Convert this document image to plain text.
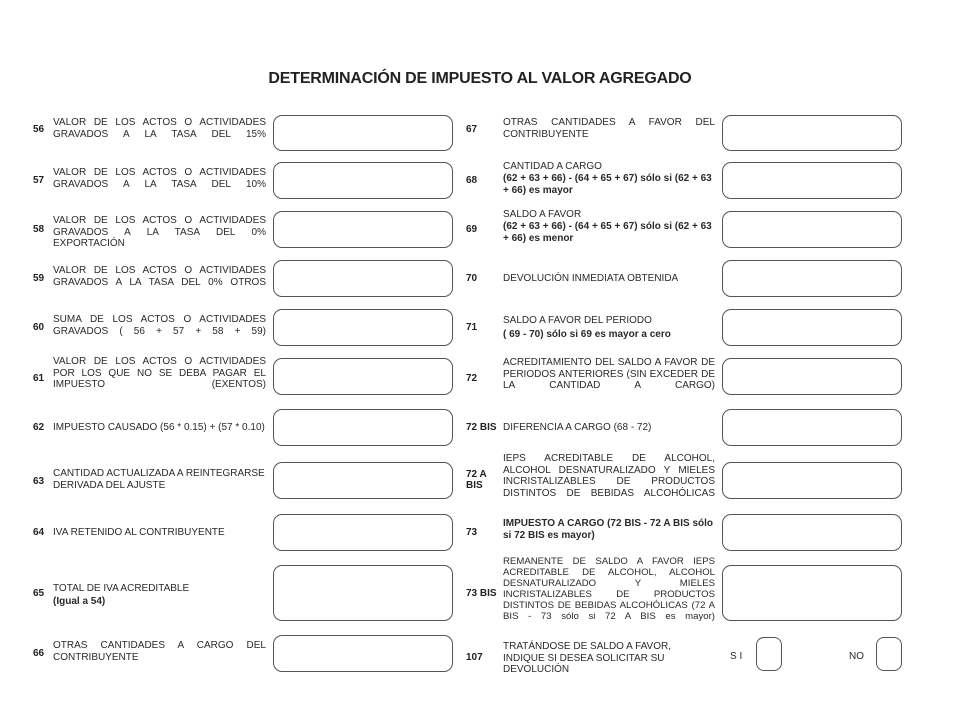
DETERMINACIÓN DE IMPUESTO AL VALOR AGREGADO
56
VALOR DE LOS ACTOS O ACTIVIDADES GRAVADOS A LA TASA DEL 15%
57
VALOR DE LOS ACTOS O ACTIVIDADES GRAVADOS A LA TASA DEL 10%
58
VALOR DE LOS ACTOS O ACTIVIDADES GRAVADOS A LA TASA DEL 0% EXPORTACIÓN
59
VALOR DE LOS ACTOS O ACTIVIDADES GRAVADOS A LA TASA DEL 0% OTROS
60
SUMA DE LOS ACTOS O ACTIVIDADES GRAVADOS ( 56 + 57 + 58 + 59)
61
VALOR DE LOS ACTOS O ACTIVIDADES POR LOS QUE NO SE DEBA PAGAR EL IMPUESTO (EXENTOS)
62 IMPUESTO CAUSADO (56 * 0.15) + (57 * 0.10)
63
CANTIDAD ACTUALIZADA A REINTEGRARSE DERIVADA DEL AJUSTE
64 IVA RETENIDO AL CONTRIBUYENTE
65 TOTAL DE IVA ACREDITABLE
(Igual a 54)
66
OTRAS CANTIDADES A CARGO DEL CONTRIBUYENTE
67
OTRAS CANTIDADES A FAVOR DEL CONTRIBUYENTE
68
CANTIDAD A CARGO
(62 + 63 + 66) - (64 + 65 + 67) sólo si (62 + 63 + 66) es mayor
69
SALDO A FAVOR
(62 + 63 + 66) - (64 + 65 + 67) sólo si (62 + 63 + 66) es menor
70	DEVOLUCIÓN INMEDIATA OBTENIDA
71
SALDO A FAVOR DEL PERIODO
( 69 - 70) sólo si 69 es mayor a cero
72
ACREDITAMIENTO DEL SALDO A FAVOR DE PERIODOS ANTERIORES (SIN EXCEDER DE LA CANTIDAD A CARGO)
72 BIS DIFERENCIA A CARGO (68 - 72)
72 A BIS
IEPS ACREDITABLE DE ALCOHOL, ALCOHOL DESNATURALIZADO Y MIELES INCRISTALIZABLES DE PRODUCTOS DISTINTOS DE BEBIDAS ALCOHÓLICAS
73
IMPUESTO A CARGO (72 BIS - 72 A BIS sólo si 72 BIS es mayor)
73 BIS
REMANENTE DE SALDO A FAVOR IEPS ACREDITABLE DE ALCOHOL, ALCOHOL DESNATURALIZADO Y MIELES INCRISTALIZABLES DE PRODUCTOS DISTINTOS DE BEBIDAS ALCOHÓLICAS (72 A BIS - 73 sólo si 72 A BIS es mayor)
107
TRATÁNDOSE DE SALDO A FAVOR, INDIQUE SI DESEA SOLICITAR SU DEVOLUCIÓN
S I	NO
